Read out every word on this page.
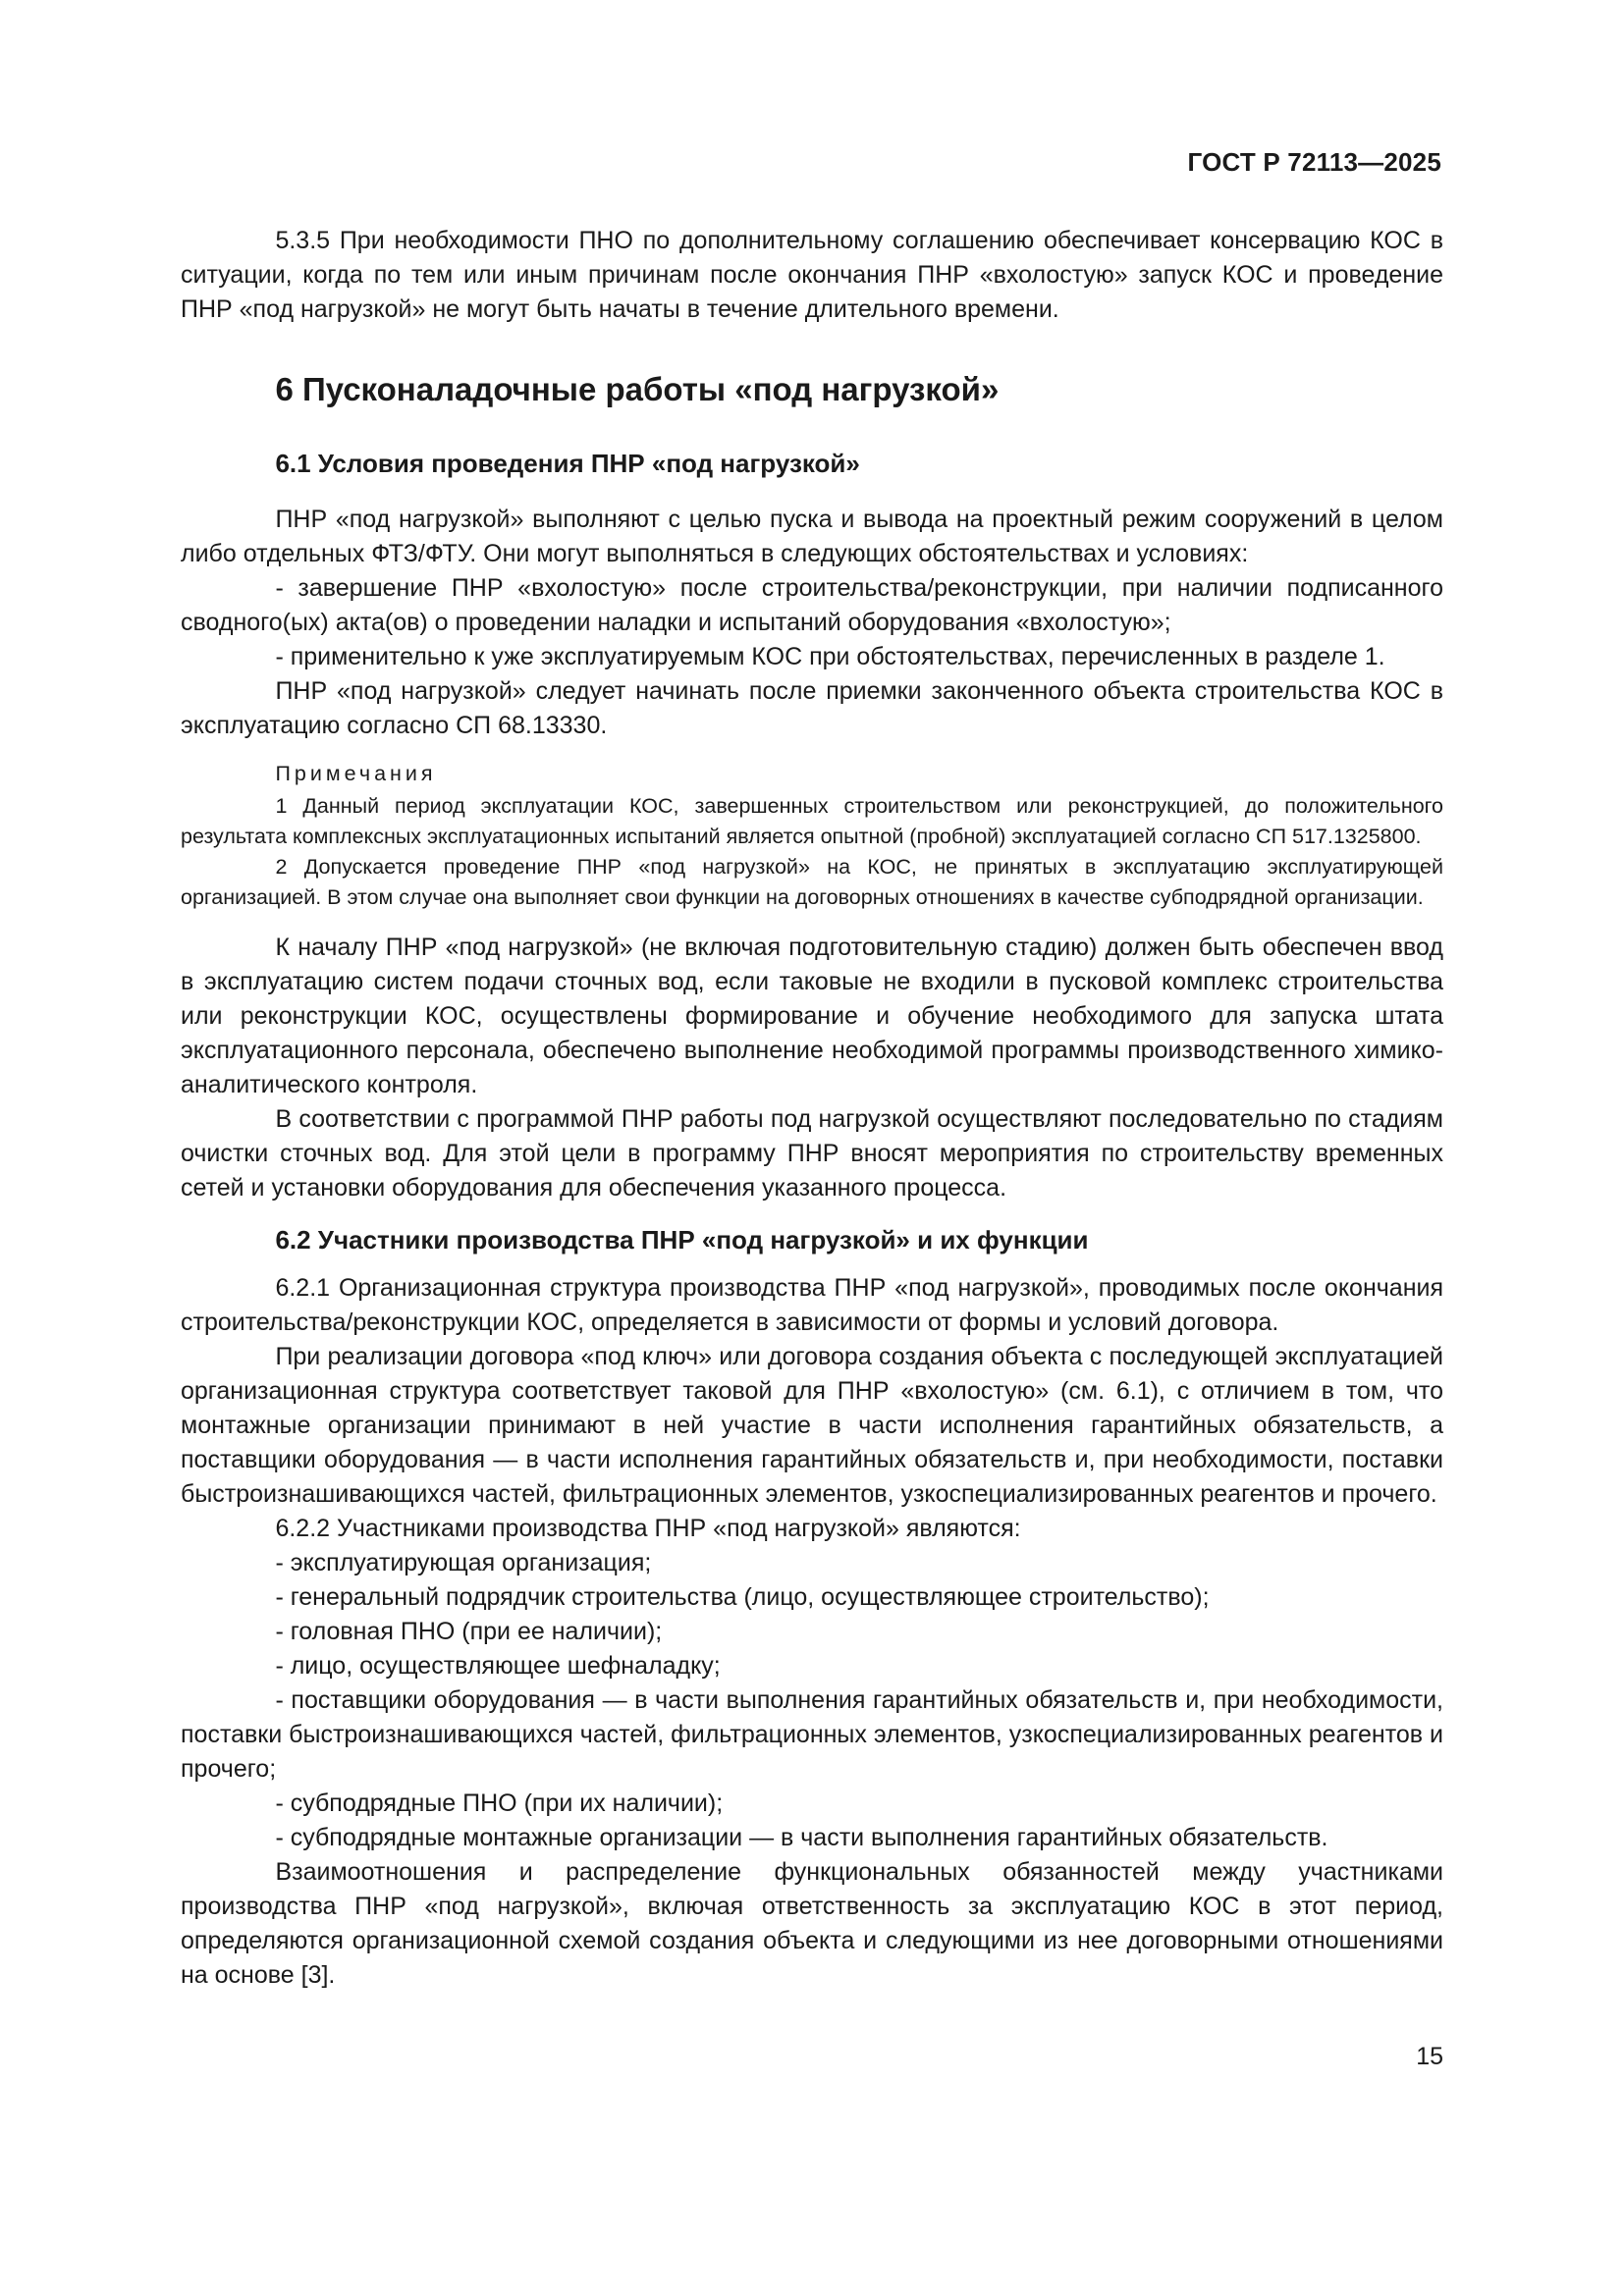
ГОСТ Р 72113—2025

5.3.5 При необходимости ПНО по дополнительному соглашению обеспечивает консервацию КОС в ситуации, когда по тем или иным причинам после окончания ПНР «вхолостую» запуск КОС и проведение ПНР «под нагрузкой» не могут быть начаты в течение длительного времени.

6 Пусконаладочные работы «под нагрузкой»
6.1 Условия проведения ПНР «под нагрузкой»

ПНР «под нагрузкой» выполняют с целью пуска и вывода на проектный режим сооружений в целом либо отдельных ФТЗ/ФТУ. Они могут выполняться в следующих обстоятельствах и условиях:

- завершение ПНР «вхолостую» после строительства/реконструкции, при наличии подписанного сводного(ых) акта(ов) о проведении наладки и испытаний оборудования «вхолостую»;

- применительно к уже эксплуатируемым КОС при обстоятельствах, перечисленных в разделе 1.

ПНР «под нагрузкой» следует начинать после приемки законченного объекта строительства КОС в эксплуатацию согласно СП 68.13330.

Примечания

1 Данный период эксплуатации КОС, завершенных строительством или реконструкцией, до положительного результата комплексных эксплуатационных испытаний является опытной (пробной) эксплуатацией согласно СП 517.1325800.

2 Допускается проведение ПНР «под нагрузкой» на КОС, не принятых в эксплуатацию эксплуатирующей организацией. В этом случае она выполняет свои функции на договорных отношениях в качестве субподрядной организации.

К началу ПНР «под нагрузкой» (не включая подготовительную стадию) должен быть обеспечен ввод в эксплуатацию систем подачи сточных вод, если таковые не входили в пусковой комплекс строительства или реконструкции КОС, осуществлены формирование и обучение необходимого для запуска штата эксплуатационного персонала, обеспечено выполнение необходимой программы производственного химико-аналитического контроля.

В соответствии с программой ПНР работы под нагрузкой осуществляют последовательно по стадиям очистки сточных вод. Для этой цели в программу ПНР вносят мероприятия по строительству временных сетей и установки оборудования для обеспечения указанного процесса.

6.2 Участники производства ПНР «под нагрузкой» и их функции

6.2.1 Организационная структура производства ПНР «под нагрузкой», проводимых после окончания строительства/реконструкции КОС, определяется в зависимости от формы и условий договора.

При реализации договора «под ключ» или договора создания объекта с последующей эксплуатацией организационная структура соответствует таковой для ПНР «вхолостую» (см. 6.1), с отличием в том, что монтажные организации принимают в ней участие в части исполнения гарантийных обязательств, а поставщики оборудования — в части исполнения гарантийных обязательств и, при необходимости, поставки быстроизнашивающихся частей, фильтрационных элементов, узкоспециализированных реагентов и прочего.

6.2.2 Участниками производства ПНР «под нагрузкой» являются:

- эксплуатирующая организация;

- генеральный подрядчик строительства (лицо, осуществляющее строительство);

- головная ПНО (при ее наличии);

- лицо, осуществляющее шефналадку;

- поставщики оборудования — в части выполнения гарантийных обязательств и, при необходимости, поставки быстроизнашивающихся частей, фильтрационных элементов, узкоспециализированных реагентов и прочего;

- субподрядные ПНО (при их наличии);

- субподрядные монтажные организации — в части выполнения гарантийных обязательств.

Взаимоотношения и распределение функциональных обязанностей между участниками производства ПНР «под нагрузкой», включая ответственность за эксплуатацию КОС в этот период, определяются организационной схемой создания объекта и следующими из нее договорными отношениями на основе [3].

15
